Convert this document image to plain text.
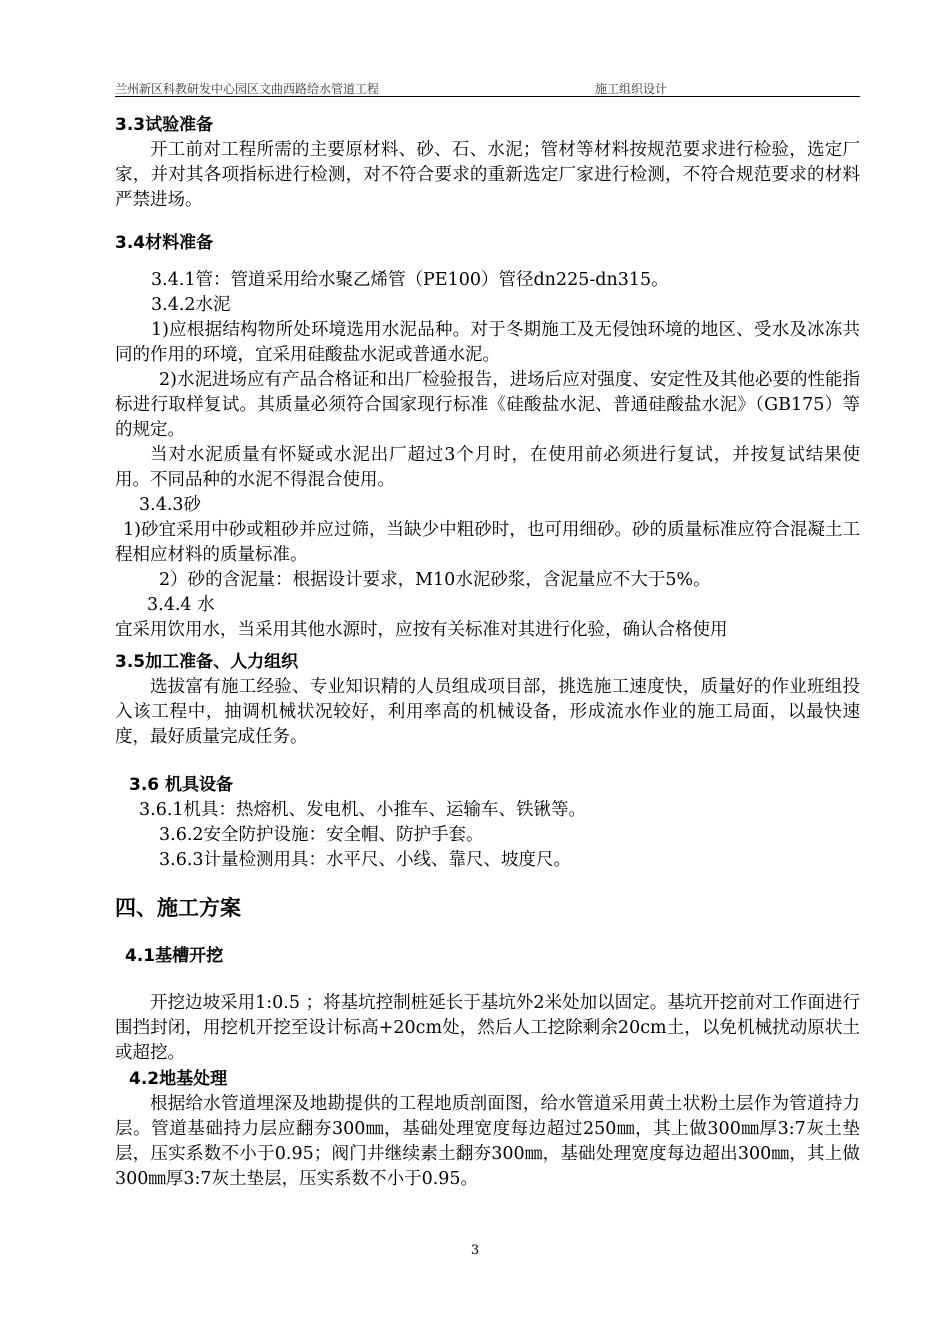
兰州新区科教研发中心园区文曲西路给水管道工程	施工组织设计
3.3试验准备
开工前对工程所需的主要原材料、砂、石、水泥；管材等材料按规范要求进行检验，选定厂家，并对其各项指标进行检测，对不符合要求的重新选定厂家进行检测，不符合规范要求的材料严禁进场。
3.4材料准备
3.4.1管：管道采用给水聚乙烯管（PE100）管径dn225-dn315。
3.4.2水泥
1)应根据结构物所处环境选用水泥品种。对于冬期施工及无侵蚀环境的地区、受水及冰冻共同的作用的环境，宜采用硅酸盐水泥或普通水泥。
2)水泥进场应有产品合格证和出厂检验报告，进场后应对强度、安定性及其他必要的性能指标进行取样复试。其质量必须符合国家现行标准《硅酸盐水泥、普通硅酸盐水泥》（GB175）等的规定。
当对水泥质量有怀疑或水泥出厂超过3个月时，在使用前必须进行复试，并按复试结果使用。不同品种的水泥不得混合使用。
3.4.3砂
1)砂宜采用中砂或粗砂并应过筛，当缺少中粗砂时，也可用细砂。砂的质量标准应符合混凝土工程相应材料的质量标准。
2）砂的含泥量：根据设计要求，M10水泥砂浆，含泥量应不大于5%。
3.4.4 水
宜采用饮用水，当采用其他水源时，应按有关标准对其进行化验，确认合格使用
3.5加工准备、人力组织
选拔富有施工经验、专业知识精的人员组成项目部，挑选施工速度快，质量好的作业班组投入该工程中，抽调机械状况较好，利用率高的机械设备，形成流水作业的施工局面，以最快速度，最好质量完成任务。
3.6 机具设备
3.6.1机具：热熔机、发电机、小推车、运输车、铁锹等。
3.6.2安全防护设施：安全帽、防护手套。
3.6.3计量检测用具：水平尺、小线、靠尺、坡度尺。
四、施工方案
4.1基槽开挖
开挖边坡采用1:0.5 ；将基坑控制桩延长于基坑外2米处加以固定。基坑开挖前对工作面进行围挡封闭，用挖机开挖至设计标高+20cm处，然后人工挖除剩余20cm土，以免机械扰动原状土或超挖。
4.2地基处理
根据给水管道埋深及地勘提供的工程地质剖面图，给水管道采用黄土状粉土层作为管道持力层。管道基础持力层应翻夯300㎜，基础处理宽度每边超过250㎜，其上做300㎜厚3:7灰土垫层，压实系数不小于0.95；阀门井继续素土翻夯300㎜，基础处理宽度每边超出300㎜，其上做300㎜厚3:7灰土垫层，压实系数不小于0.95。
3
